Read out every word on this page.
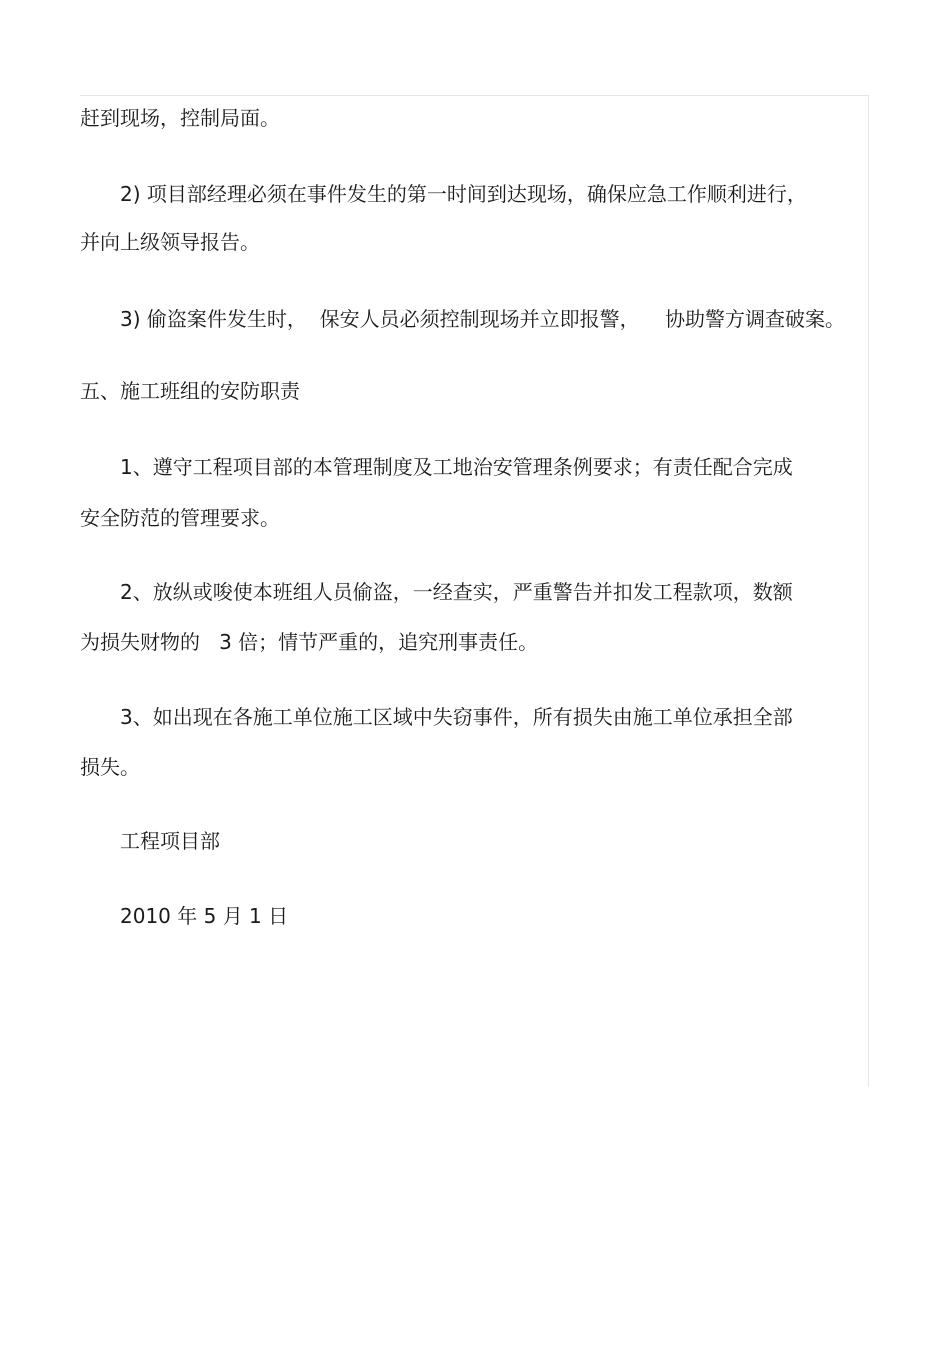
赶到现场，控制局面。

2) 项目部经理必须在事件发生的第一时间到达现场，确保应急工作顺利进行，

并向上级领导报告。

3) 偷盗案件发生时，  保安人员必须控制现场并立即报警，    协助警方调查破案。

五、施工班组的安防职责

1、遵守工程项目部的本管理制度及工地治安管理条例要求；有责任配合完成

安全防范的管理要求。

2、放纵或唆使本班组人员偷盗，一经查实，严重警告并扣发工程款项，数额

为损失财物的   3 倍；情节严重的，追究刑事责任。

3、如出现在各施工单位施工区域中失窃事件，所有损失由施工单位承担全部

损失。

工程项目部

2010 年 5 月 1 日
